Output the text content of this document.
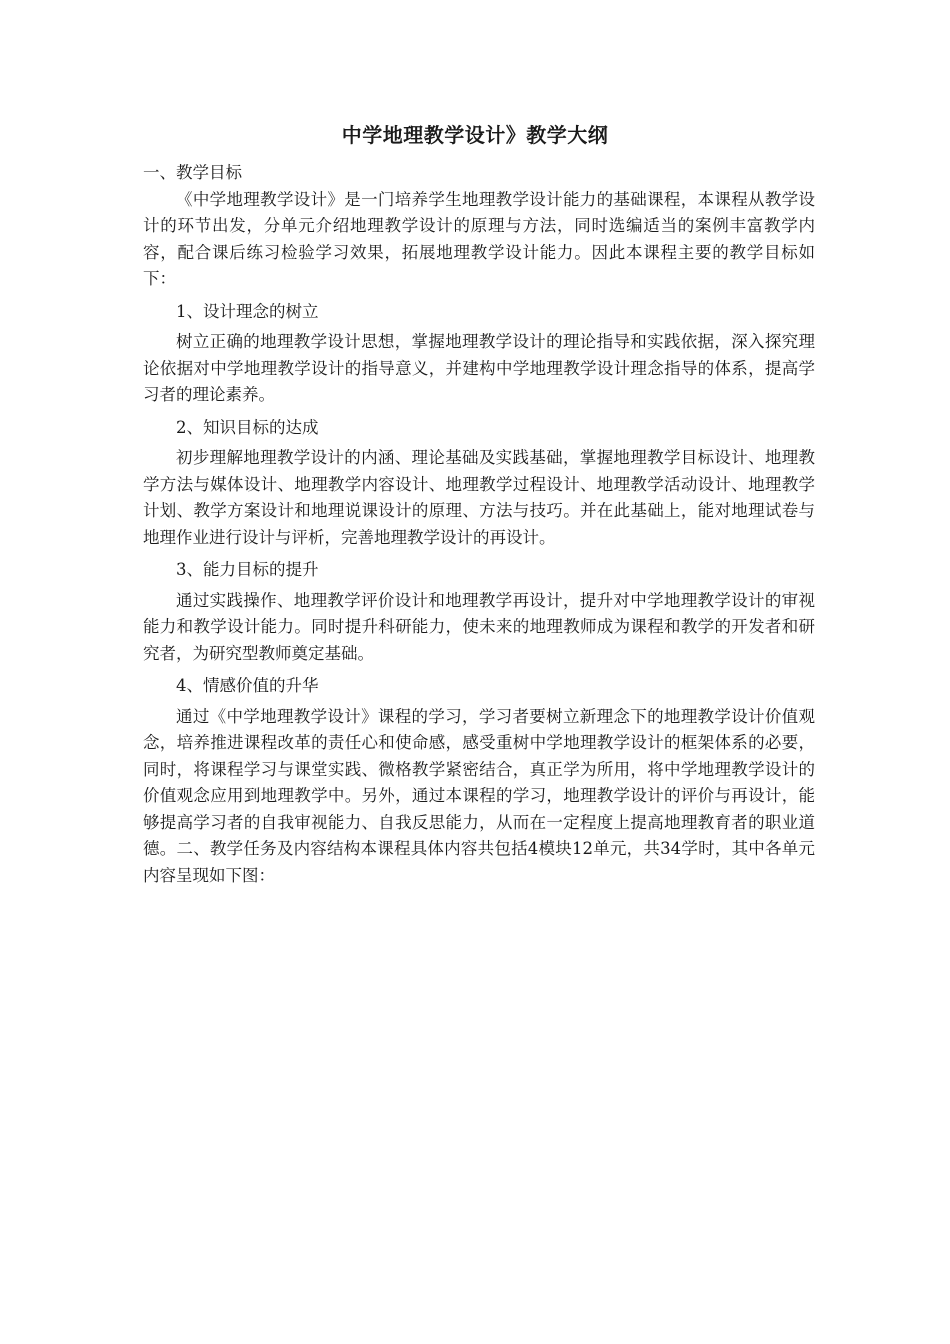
中学地理教学设计》教学大纲

一、教学目标

《中学地理教学设计》是一门培养学生地理教学设计能力的基础课程，本课程从教学设计的环节出发，分单元介绍地理教学设计的原理与方法，同时选编适当的案例丰富教学内容，配合课后练习检验学习效果，拓展地理教学设计能力。因此本课程主要的教学目标如下：

1、设计理念的树立

树立正确的地理教学设计思想，掌握地理教学设计的理论指导和实践依据，深入探究理论依据对中学地理教学设计的指导意义，并建构中学地理教学设计理念指导的体系，提高学习者的理论素养。

2、知识目标的达成

初步理解地理教学设计的内涵、理论基础及实践基础，掌握地理教学目标设计、地理教学方法与媒体设计、地理教学内容设计、地理教学过程设计、地理教学活动设计、地理教学计划、教学方案设计和地理说课设计的原理、方法与技巧。并在此基础上，能对地理试卷与地理作业进行设计与评析，完善地理教学设计的再设计。

3、能力目标的提升

通过实践操作、地理教学评价设计和地理教学再设计，提升对中学地理教学设计的审视能力和教学设计能力。同时提升科研能力，使未来的地理教师成为课程和教学的开发者和研究者，为研究型教师奠定基础。

4、情感价值的升华

通过《中学地理教学设计》课程的学习，学习者要树立新理念下的地理教学设计价值观念，培养推进课程改革的责任心和使命感，感受重树中学地理教学设计的框架体系的必要，同时，将课程学习与课堂实践、微格教学紧密结合，真正学为所用，将中学地理教学设计的价值观念应用到地理教学中。另外，通过本课程的学习，地理教学设计的评价与再设计，能够提高学习者的自我审视能力、自我反思能力，从而在一定程度上提高地理教育者的职业道德。二、教学任务及内容结构本课程具体内容共包括4模块12单元，共34学时，其中各单元内容呈现如下图：
